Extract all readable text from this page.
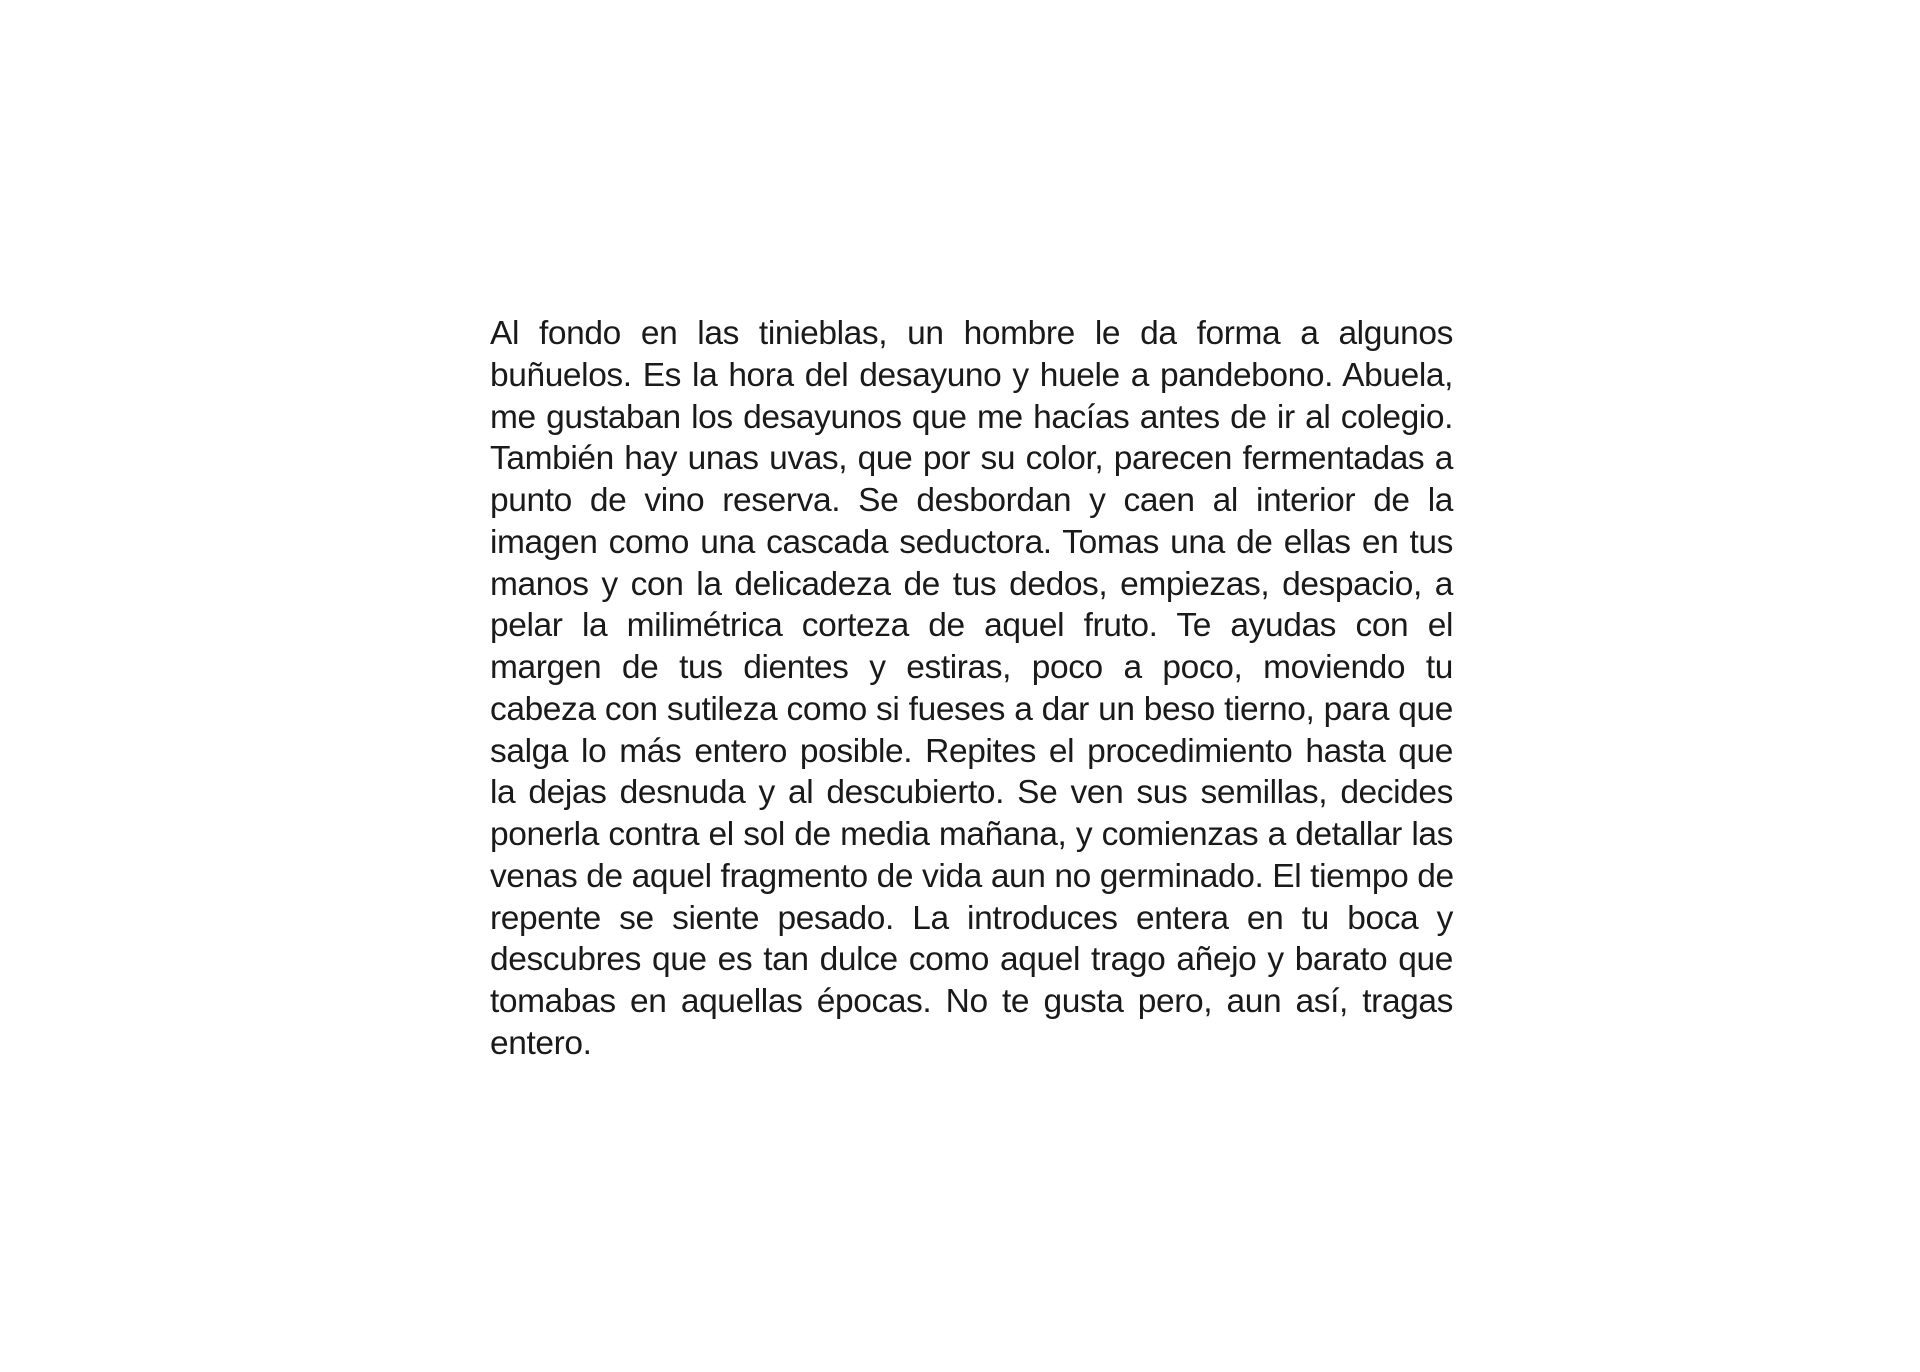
Al fondo en las tinieblas, un hombre le da forma a algunos
buñuelos. Es la hora del desayuno y huele a pandebono. Abuela,
me gustaban los desayunos que me hacías antes de ir al colegio.
También hay unas uvas, que por su color, parecen fermentadas a
punto de vino reserva. Se desbordan y caen al interior de la
imagen como una cascada seductora. Tomas una de ellas en tus
manos y con la delicadeza de tus dedos, empiezas, despacio, a
pelar la milimétrica corteza de aquel fruto. Te ayudas con el
margen de tus dientes y estiras, poco a poco, moviendo tu
cabeza con sutileza como si fueses a dar un beso tierno, para que
salga lo más entero posible. Repites el procedimiento hasta que
la dejas desnuda y al descubierto. Se ven sus semillas, decides
ponerla contra el sol de media mañana, y comienzas a detallar las
venas de aquel fragmento de vida aun no germinado. El tiempo de
repente se siente pesado. La introduces entera en tu boca y
descubres que es tan dulce como aquel trago añejo y barato que
tomabas en aquellas épocas. No te gusta pero, aun así, tragas
entero.
